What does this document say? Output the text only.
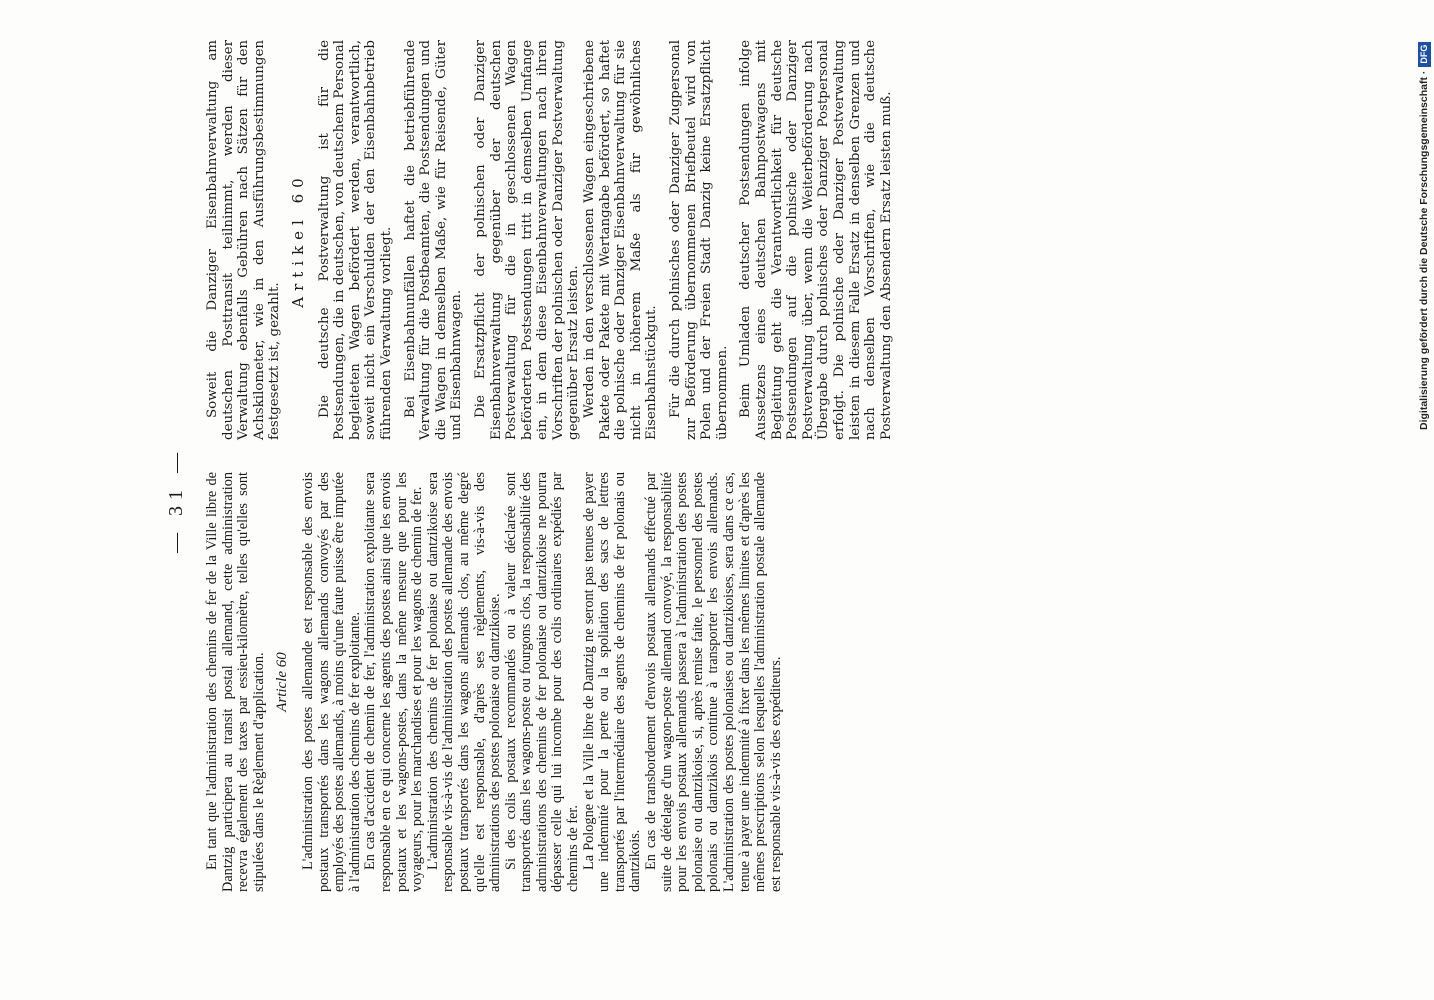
— 31 —	En tant que l'administration des chemins de fer de la Ville libre de Dantzig participera au transit postal allemand, cette administration recevra également des taxes par essieu-kilomètre, telles qu'elles sont stipulées dans le Règlement d'application. Article 60 L'administration des postes allemande est responsable des envois postaux transportés dans les wagons allemands convoyés par des employés des postes allemands, à moins qu'une faute puisse être imputée à l'administration des chemins de fer exploitante. En cas d'accident de chemin de fer, l'administration exploitante sera responsable en ce qui concerne les agents des postes ainsi que les envois postaux et les wagons-postes, dans la même mesure que pour les voyageurs, pour les marchandises et pour les wagons de chemin de fer. L'administration des chemins de fer polonaise ou dantzikoise sera responsable vis-à-vis de l'administration des postes allemande des envois postaux transportés dans les wagons allemands clos, au même degré qu'elle est responsable, d'après ses règlements, vis-à-vis des administrations des postes polonaise ou dantzikoise. Si des colis postaux recommandés ou à valeur déclarée sont transportés dans les wagons-poste ou fourgons clos, la responsabilité des administrations des chemins de fer polonaise ou dantzikoise ne pourra dépasser celle qui lui incombe pour des colis ordinaires expédiés par chemins de fer. La Pologne et la Ville libre de Dantzig ne seront pas tenues de payer une indemnité pour la perte ou la spoliation des sacs de lettres transportés par l'intermédiaire des agents de chemins de fer polonais ou dantzikois. En cas de transbordement d'envois postaux allemands effectué par suite de dételage d'un wagon-poste allemand convoyé, la responsabilité pour les envois postaux allemands passera à l'administration des postes polonaise ou dantzikoise, si, après remise faite, le personnel des postes polonais ou dantzikois continue à transporter les envois allemands. L'administration des postes polonaises ou dantzikoises, sera dans ce cas, tenue à payer une indemnité à fixer dans les mêmes limites et d'après les mêmes prescriptions selon lesquelles l'administration postale allemande est responsable vis-à-vis des expéditeurs.

Soweit die Danziger Eisenbahnverwaltung am deutschen Posttransit teilnimmt, werden dieser Verwaltung ebenfalls Gebühren nach Sätzen für den Achskilometer, wie in den Ausführungsbestimmungen festgesetzt ist, gezahlt.

Artikel 60 Die deutsche Postverwaltung ist für die Postsendungen, die in deutschen, von deutschem Personal begleiteten Wagen befördert werden, verantwortlich, soweit nicht ein Verschulden der den Eisenbahnbetrieb führenden Verwaltung vorliegt. Bei Eisenbahnunfällen haftet die betriebführende Verwaltung für die Postbeamten, die Postsendungen und die Wagen in demselben Maße, wie für Reisende, Güter und Eisenbahnwagen. Die Ersatzpflicht der polnischen oder Danziger Eisenbahnverwaltung gegenüber der deutschen Postverwaltung für die in geschlossenen Wagen beförderten Postsendungen tritt in demselben Umfange ein, in dem diese Eisenbahnverwaltungen nach ihren Vorschriften der polnischen oder Danziger Postverwaltung gegenüber Ersatz leisten. Werden in den verschlossenen Wagen eingeschriebene Pakete oder Pakete mit Wertangabe befördert, so haftet die polnische oder Danziger Eisenbahnverwaltung für sie nicht in höherem Maße als für gewöhnliches Eisenbahnstückgut. Für die durch polnisches oder Danziger Zugpersonal zur Beförderung übernommenen Briefbeutel wird von Polen und der Freien Stadt Danzig keine Ersatzpflicht übernommen. Beim Umladen deutscher Postsendungen infolge Aussetzens eines deutschen Bahnpostwagens mit Begleitung geht die Verantwortlichkeit für deutsche Postsendungen auf die polnische oder Danziger Postverwaltung über, wenn die Weiterbeförderung nach Übergabe durch polnisches oder Danziger Postpersonal erfolgt. Die polnische oder Danziger Postverwaltung leisten in diesem Falle Ersatz in denselben Grenzen und nach denselben Vorschriften, wie die deutsche Postverwaltung den Absendern Ersatz leisten muß.	Digitalisierung gefördert durch die Deutsche Forschungsgemeinschaft ·DFG
